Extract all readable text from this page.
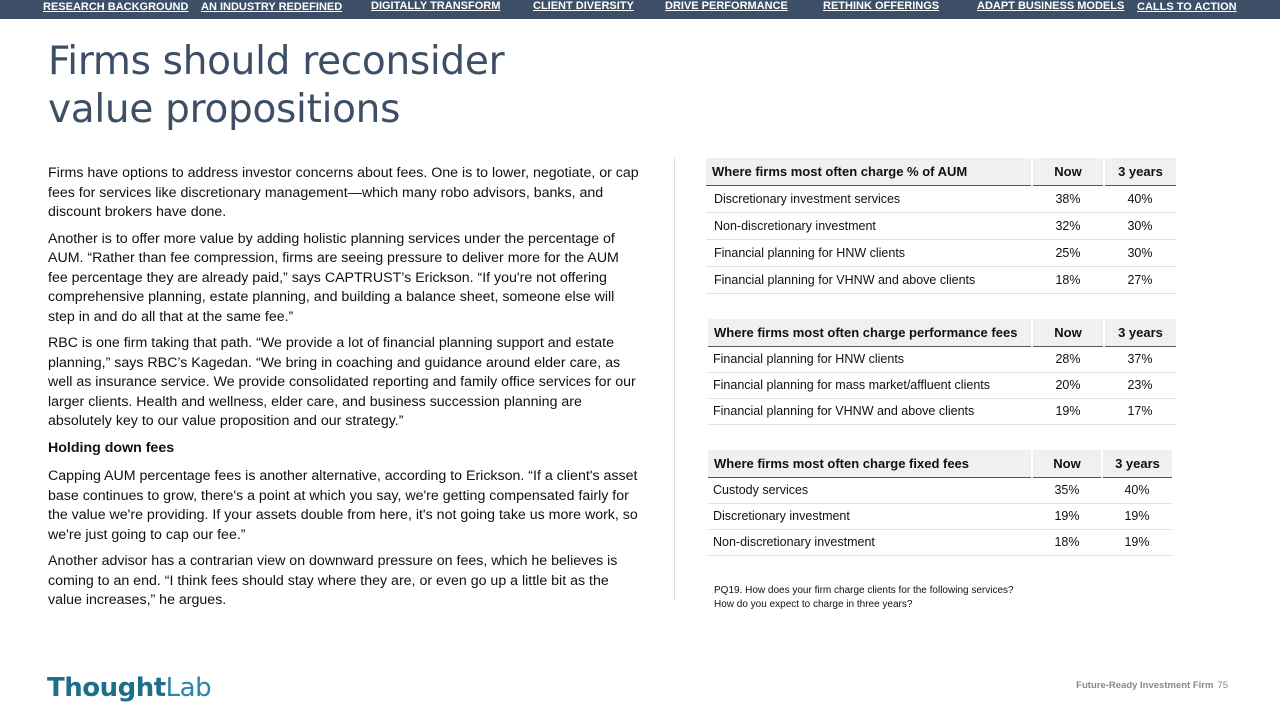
RESEARCH BACKGROUND AN INDUSTRY REDEFINED	DIGITALLY TRANSFORM	CLIENT DIVERSITY	DRIVE PERFORMANCE	RETHINK OFFERINGS	ADAPT BUSINESS MODELS CALLS TO ACTION
Firms should reconsider
value propositions

Firms have options to address investor concerns about fees. One is to lower, negotiate, or cap fees for services like discretionary management—which many robo advisors, banks, and discount brokers have done.

Another is to offer more value by adding holistic planning services under the percentage of AUM. “Rather than fee compression, firms are seeing pressure to deliver more for the AUM fee percentage they are already paid,” says CAPTRUST’s Erickson. “If you're not offering comprehensive planning, estate planning, and building a balance sheet, someone else will step in and do all that at the same fee.”

RBC is one firm taking that path. “We provide a lot of financial planning support and estate planning,” says RBC’s Kagedan. “We bring in coaching and guidance around elder care, as well as insurance service. We provide consolidated reporting and family office services for our larger clients. Health and wellness, elder care, and business succession planning are absolutely key to our value proposition and our strategy.”

Holding down fees

Capping AUM percentage fees is another alternative, according to Erickson. “If a client's asset base continues to grow, there's a point at which you say, we're getting compensated fairly for the value we're providing. If your assets double from here, it's not going take us more work, so we're just going to cap our fee.”

Another advisor has a contrarian view on downward pressure on fees, which he believes is coming to an end. “I think fees should stay where they are, or even go up a little bit as the value increases,” he argues.

Where firms most often charge % of AUM	Now	3 years
Discretionary investment services	38%	40%
Non-discretionary investment	32%	30%
Financial planning for HNW clients	25%	30%
Financial planning for VHNW and above clients	18%	27%
Where firms most often charge performance fees	Now	3 years
Financial planning for HNW clients	28%	37%
Financial planning for mass market/affluent clients	20%	23%
Financial planning for VHNW and above clients	19%	17%
Where firms most often charge fixed fees	Now	3 years
Custody services	35%	40%
Discretionary investment	19%	19%
Non-discretionary investment	18%	19%
PQ19. How does your firm charge clients for the following services?
How do you expect to charge in three years?
ThoughtLab	Future-Ready Investment Firm 75
